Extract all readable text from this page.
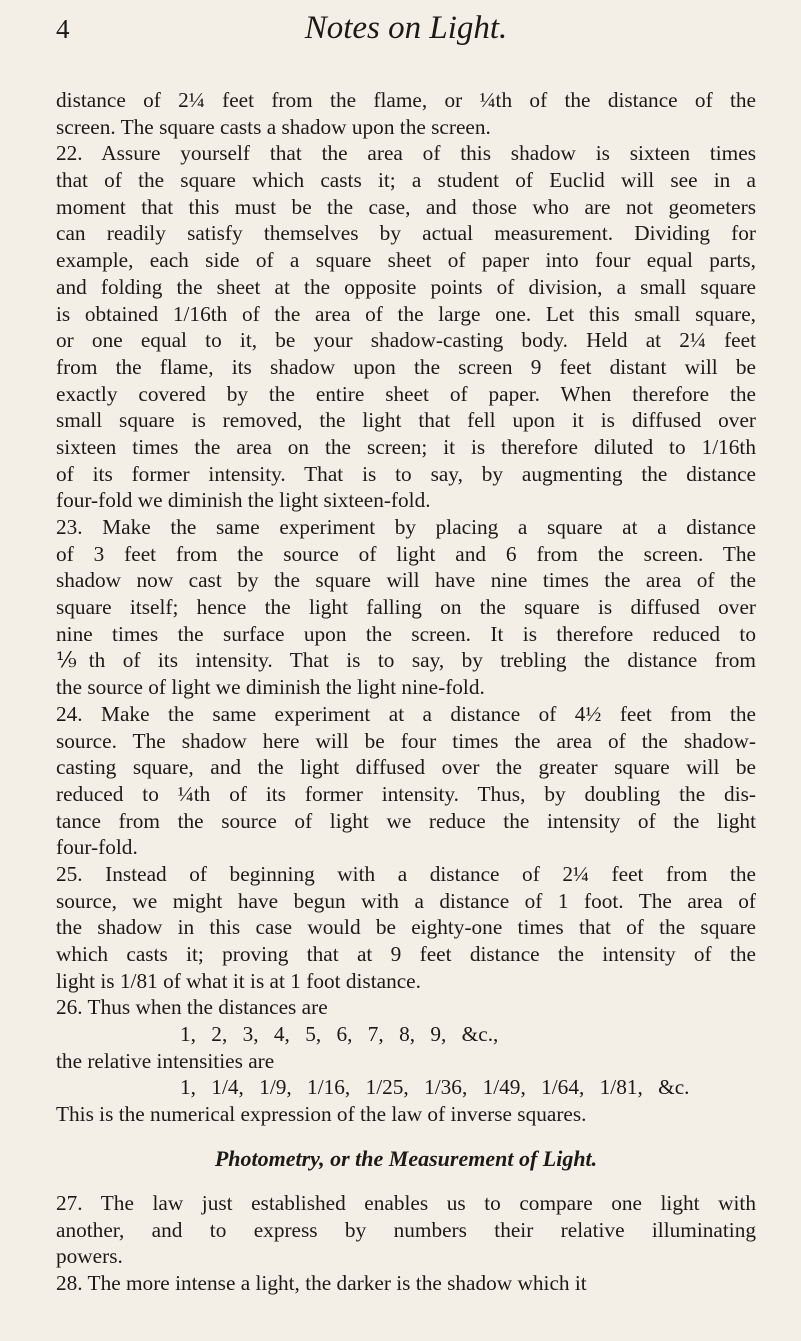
4	Notes on Light.
distance of 2¼ feet from the flame, or ¼th of the distance of the
screen. The square casts a shadow upon the screen.
22. Assure yourself that the area of this shadow is sixteen times
that of the square which casts it; a student of Euclid will see in a
moment that this must be the case, and those who are not geometers
can readily satisfy themselves by actual measurement. Dividing for
example, each side of a square sheet of paper into four equal parts,
and folding the sheet at the opposite points of division, a small square
is obtained 1/16th of the area of the large one. Let this small square,
or one equal to it, be your shadow-casting body. Held at 2¼ feet
from the flame, its shadow upon the screen 9 feet distant will be
exactly covered by the entire sheet of paper. When therefore the
small square is removed, the light that fell upon it is diffused over
sixteen times the area on the screen; it is therefore diluted to 1/16th
of its former intensity. That is to say, by augmenting the distance
four-fold we diminish the light sixteen-fold.
23. Make the same experiment by placing a square at a distance
of 3 feet from the source of light and 6 from the screen. The
shadow now cast by the square will have nine times the area of the
square itself; hence the light falling on the square is diffused over
nine times the surface upon the screen. It is therefore reduced to
⅑th of its intensity. That is to say, by trebling the distance from
the source of light we diminish the light nine-fold.
24. Make the same experiment at a distance of 4½ feet from the
source. The shadow here will be four times the area of the shadow-
casting square, and the light diffused over the greater square will be
reduced to ¼th of its former intensity. Thus, by doubling the dis-
tance from the source of light we reduce the intensity of the light
four-fold.
25. Instead of beginning with a distance of 2¼ feet from the
source, we might have begun with a distance of 1 foot. The area of
the shadow in this case would be eighty-one times that of the square
which casts it; proving that at 9 feet distance the intensity of the
light is 1/81 of what it is at 1 foot distance.
26. Thus when the distances are
1, 2, 3, 4, 5, 6, 7, 8, 9, &c.,
the relative intensities are
1, 1/4, 1/9, 1/16, 1/25, 1/36, 1/49, 1/64, 1/81, &c.
This is the numerical expression of the law of inverse squares.
Photometry, or the Measurement of Light.
27. The law just established enables us to compare one light with
another, and to express by numbers their relative illuminating
powers.
28. The more intense a light, the darker is the shadow which it
